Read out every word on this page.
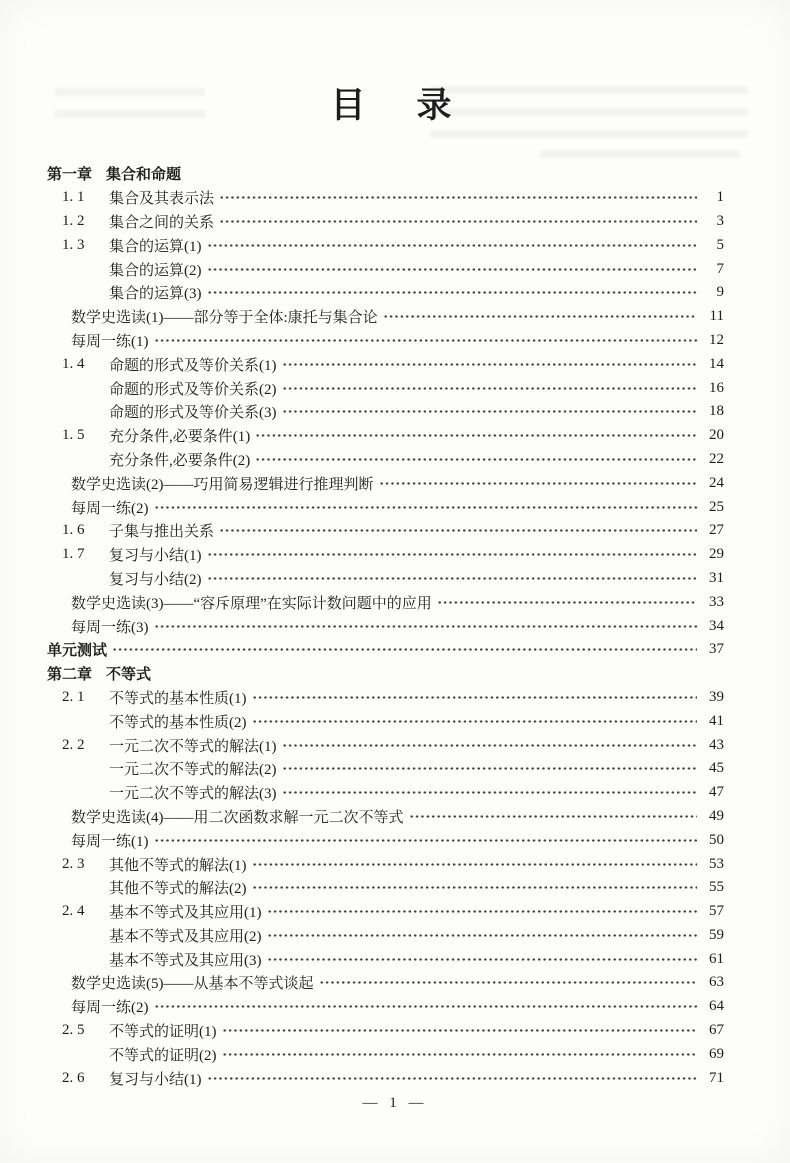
目　录
第一章 集合和命题
1. 1	集合及其表示法	1
1. 2	集合之间的关系	3
1. 3	集合的运算(1)	5
集合的运算(2)	7
集合的运算(3)	9
数学史选读(1)——部分等于全体:康托与集合论	11
每周一练(1)	12
1. 4	命题的形式及等价关系(1)	14
命题的形式及等价关系(2)	16
命题的形式及等价关系(3)	18
1. 5	充分条件,必要条件(1)	20
充分条件,必要条件(2)	22
数学史选读(2)——巧用简易逻辑进行推理判断	24
每周一练(2)	25
1. 6	子集与推出关系	27
1. 7	复习与小结(1)	29
复习与小结(2)	31
数学史选读(3)——“容斥原理”在实际计数问题中的应用	33
每周一练(3)	34
单元测试	37
第二章 不等式
2. 1	不等式的基本性质(1)	39
不等式的基本性质(2)	41
2. 2	一元二次不等式的解法(1)	43
一元二次不等式的解法(2)	45
一元二次不等式的解法(3)	47
数学史选读(4)——用二次函数求解一元二次不等式	49
每周一练(1)	50
2. 3	其他不等式的解法(1)	53
其他不等式的解法(2)	55
2. 4	基本不等式及其应用(1)	57
基本不等式及其应用(2)	59
基本不等式及其应用(3)	61
数学史选读(5)——从基本不等式谈起	63
每周一练(2)	64
2. 5	不等式的证明(1)	67
不等式的证明(2)	69
2. 6	复习与小结(1)	71
— 1 —
